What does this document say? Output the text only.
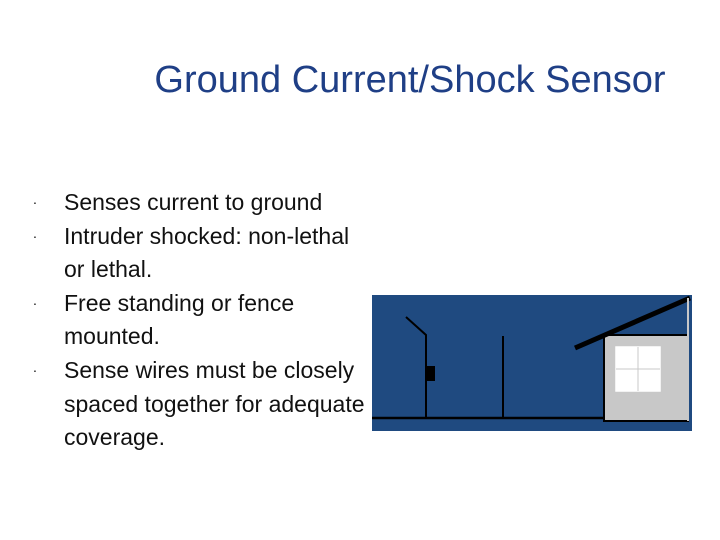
Ground Current/Shock Sensor
· Senses current to ground
· Intruder shocked: non-lethal or lethal.
· Free standing or fence mounted.
· Sense wires must be closely spaced together for adequate coverage.
